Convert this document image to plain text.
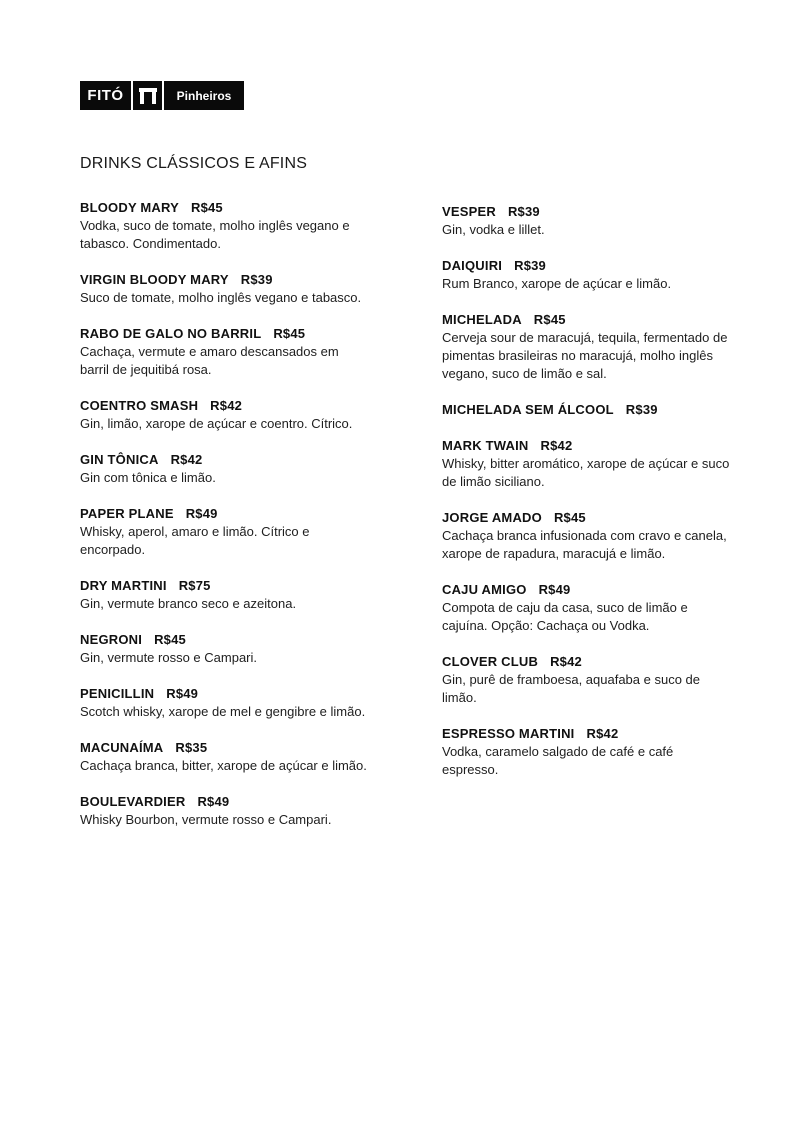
FITÓ	Pinheiros
DRINKS CLÁSSICOS E AFINS
BLOODY MARY R$45
Vodka, suco de tomate, molho inglês vegano e tabasco. Condimentado.
VIRGIN BLOODY MARY R$39
Suco de tomate, molho inglês vegano e tabasco.
RABO DE GALO NO BARRIL R$45
Cachaça, vermute e amaro descansados em barril de jequitibá rosa.
COENTRO SMASH R$42
Gin, limão, xarope de açúcar e coentro. Cítrico.
GIN TÔNICA R$42
Gin com tônica e limão.
PAPER PLANE R$49
Whisky, aperol, amaro e limão. Cítrico e encorpado.
DRY MARTINI R$75
Gin, vermute branco seco e azeitona.
NEGRONI R$45
Gin, vermute rosso e Campari.
PENICILLIN R$49
Scotch whisky, xarope de mel e gengibre e limão.
MACUNAÍMA R$35
Cachaça branca, bitter, xarope de açúcar e limão.
BOULEVARDIER R$49
Whisky Bourbon, vermute rosso e Campari.
VESPER R$39
Gin, vodka e lillet.
DAIQUIRI R$39
Rum Branco, xarope de açúcar e limão.
MICHELADA R$45
Cerveja sour de maracujá, tequila, fermentado de pimentas brasileiras no maracujá, molho inglês vegano, suco de limão e sal.
MICHELADA SEM ÁLCOOL R$39
MARK TWAIN R$42
Whisky, bitter aromático, xarope de açúcar e suco de limão siciliano.
JORGE AMADO R$45
Cachaça branca infusionada com cravo e canela, xarope de rapadura, maracujá e limão.
CAJU AMIGO R$49
Compota de caju da casa, suco de limão e cajuína. Opção: Cachaça ou Vodka.
CLOVER CLUB R$42
Gin, purê de framboesa, aquafaba e suco de limão.
ESPRESSO MARTINI R$42
Vodka, caramelo salgado de café e café espresso.
